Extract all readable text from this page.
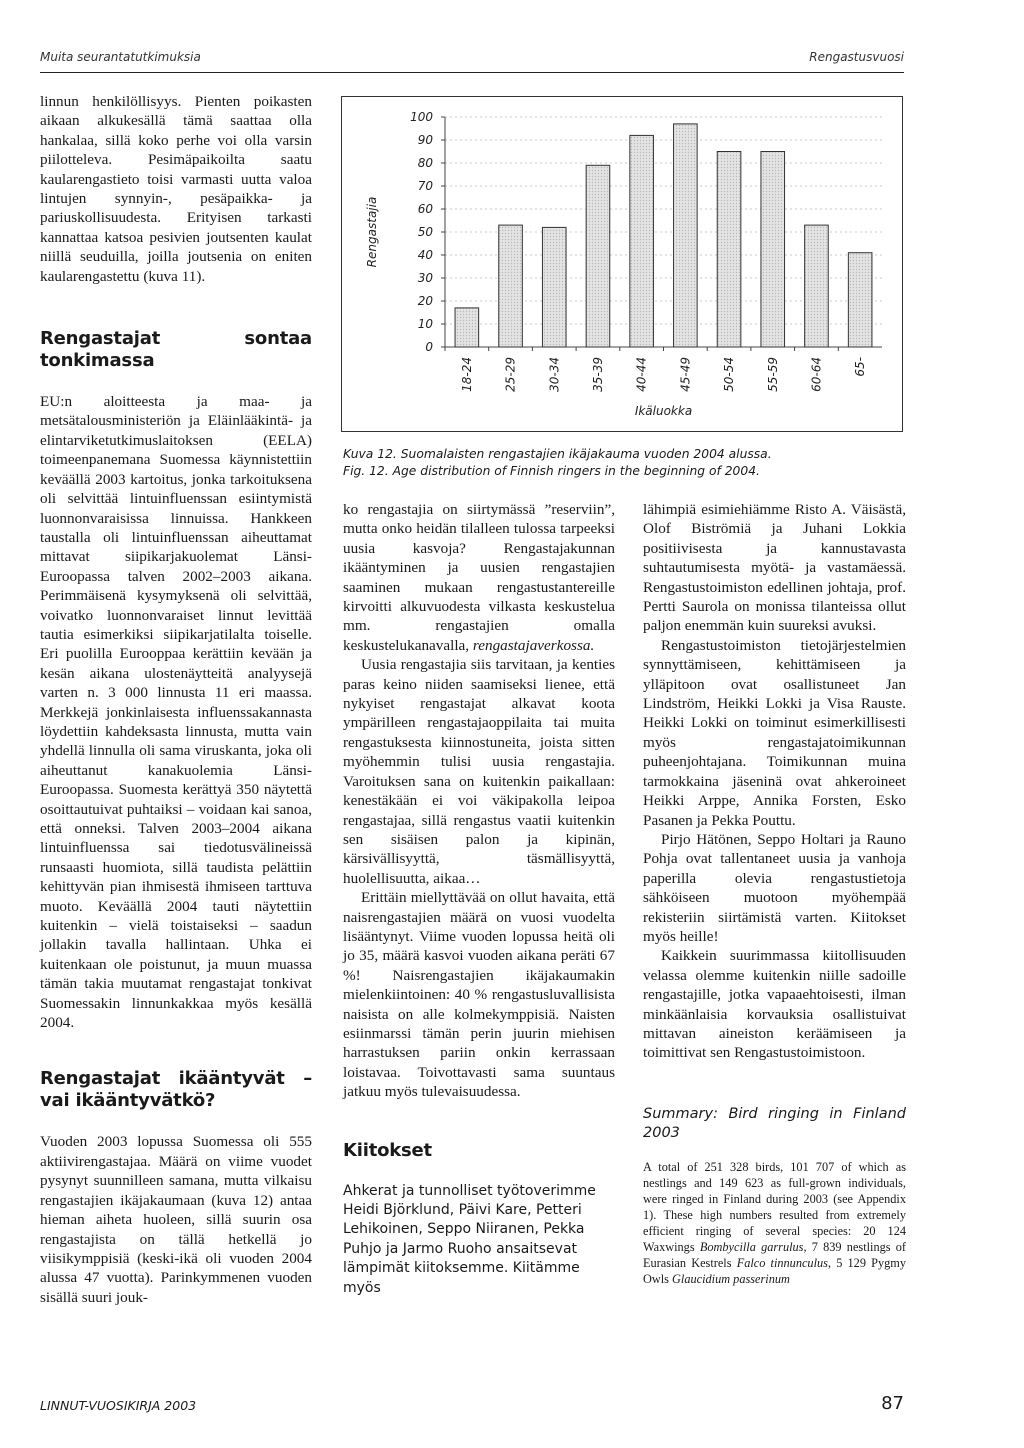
Muita seurantatutkimuksia	Rengastusvuosi

linnun henkilöllisyys. Pienten poikasten aikaan alkukesällä tämä saattaa olla hankalaa, sillä koko perhe voi olla varsin piilotteleva. Pesimäpaikoilta saatu kaularengastieto toisi varmasti uutta valoa lintujen synnyin-, pesäpaikka- ja pariuskollisuudesta. Erityisen tarkasti kannattaa katsoa pesivien joutsenten kaulat niillä seuduilla, joilla joutsenia on eniten kaularengastettu (kuva 11).

Rengastajat sontaa tonkimassa

EU:n aloitteesta ja maa- ja metsätalousministeriön ja Eläinlääkintä- ja elintarviketutkimuslaitoksen (EELA) toimeenpanemana Suomessa käynnistettiin keväällä 2003 kartoitus, jonka tarkoituksena oli selvittää lintuinfluenssan esiintymistä luonnonvaraisissa linnuissa. Hankkeen taustalla oli lintuinfluenssan aiheuttamat mittavat siipikarjakuolemat Länsi-Euroopassa talven 2002–2003 aikana. Perimmäisenä kysymyksenä oli selvittää, voivatko luonnonvaraiset linnut levittää tautia esimerkiksi siipikarjatilalta toiselle. Eri puolilla Eurooppaa kerättiin kevään ja kesän aikana ulostenäytteitä analyysejä varten n. 3 000 linnusta 11 eri maassa. Merkkejä jonkinlaisesta influenssakannasta löydettiin kahdeksasta linnusta, mutta vain yhdellä linnulla oli sama viruskanta, joka oli aiheuttanut kanakuolemia Länsi-Euroopassa. Suomesta kerättyä 350 näytettä osoittautuivat puhtaiksi – voidaan kai sanoa, että onneksi. Talven 2003–2004 aikana lintuinfluenssa sai tiedotusvälineissä runsaasti huomiota, sillä taudista pelättiin kehittyvän pian ihmisestä ihmiseen tarttuva muoto. Keväällä 2004 tauti näytettiin kuitenkin – vielä toistaiseksi – saadun jollakin tavalla hallintaan. Uhka ei kuitenkaan ole poistunut, ja muun muassa tämän takia muutamat rengastajat tonkivat Suomessakin linnunkakkaa myös kesällä 2004.

Rengastajat ikääntyvät – vai ikääntyvätkö?

Vuoden 2003 lopussa Suomessa oli 555 aktiivirengastajaa. Määrä on viime vuodet pysynyt suunnilleen samana, mutta vilkaisu rengastajien ikäjakaumaan (kuva 12) antaa hieman aiheta huoleen, sillä suurin osa rengastajista on tällä hetkellä jo viisikymppisiä (keski-ikä oli vuoden 2004 alussa 47 vuotta). Parinkymmenen vuoden sisällä suuri jouk-

0
10
20
30
40
50
60
70
80
90
100
18-24 25-29 30-34 35-39 40-44 45-49 50-54 55-59 60-64 65-
Ikäluokka
Rengastajia
Kuva 12. Suomalaisten rengastajien ikäjakauma vuoden 2004 alussa.
Fig. 12. Age distribution of Finnish ringers in the beginning of 2004.

ko rengastajia on siirtymässä ”reserviin”, mutta onko heidän tilalleen tulossa tarpeeksi uusia kasvoja? Rengastajakunnan ikääntyminen ja uusien rengastajien saaminen mukaan rengastustantereille kirvoitti alkuvuodesta vilkasta keskustelua mm. rengastajien omalla keskustelukanavalla, rengastajaverkossa.

Uusia rengastajia siis tarvitaan, ja kenties paras keino niiden saamiseksi lienee, että nykyiset rengastajat alkavat koota ympärilleen rengastajaoppilaita tai muita rengastuksesta kiinnostuneita, joista sitten myöhemmin tulisi uusia rengastajia. Varoituksen sana on kuitenkin paikallaan: kenestäkään ei voi väkipakolla leipoa rengastajaa, sillä rengastus vaatii kuitenkin sen sisäisen palon ja kipinän, kärsivällisyyttä, täsmällisyyttä, huolellisuutta, aikaa…

Erittäin miellyttävää on ollut havaita, että naisrengastajien määrä on vuosi vuodelta lisääntynyt. Viime vuoden lopussa heitä oli jo 35, määrä kasvoi vuoden aikana peräti 67 %! Naisrengastajien ikäjakaumakin mielenkiintoinen: 40 % rengastusluvallisista naisista on alle kolmekymppisiä. Naisten esiinmarssi tämän perin juurin miehisen harrastuksen pariin onkin kerrassaan loistavaa. Toivottavasti sama suuntaus jatkuu myös tulevaisuudessa.

Kiitokset

Ahkerat ja tunnolliset työtoverimme Heidi Björklund, Päivi Kare, Petteri Lehikoinen, Seppo Niiranen, Pekka Puhjo ja Jarmo Ruoho ansaitsevat lämpimät kiitoksemme. Kiitämme myös

lähimpiä esimiehiämme Risto A. Väisästä, Olof Biströmiä ja Juhani Lokkia positiivisesta ja kannustavasta suhtautumisesta myötä- ja vastamäessä. Rengastustoimiston edellinen johtaja, prof. Pertti Saurola on monissa tilanteissa ollut paljon enemmän kuin suureksi avuksi.

Rengastustoimiston tietojärjestelmien synnyttämiseen, kehittämiseen ja ylläpitoon ovat osallistuneet Jan Lindström, Heikki Lokki ja Visa Rauste. Heikki Lokki on toiminut esimerkillisesti myös rengastajatoimikunnan puheenjohtajana. Toimikunnan muina tarmokkaina jäseninä ovat ahkeroineet Heikki Arppe, Annika Forsten, Esko Pasanen ja Pekka Pouttu.

Pirjo Hätönen, Seppo Holtari ja Rauno Pohja ovat tallentaneet uusia ja vanhoja paperilla olevia rengastustietoja sähköiseen muotoon myöhempää rekisteriin siirtämistä varten. Kiitokset myös heille!

Kaikkein suurimmassa kiitollisuuden velassa olemme kuitenkin niille sadoille rengastajille, jotka vapaaehtoisesti, ilman minkäänlaisia korvauksia osallistuivat mittavan aineiston keräämiseen ja toimittivat sen Rengastustoimistoon.

Summary: Bird ringing in Finland 2003

A total of 251 328 birds, 101 707 of which as nestlings and 149 623 as full-grown individuals, were ringed in Finland during 2003 (see Appendix 1). These high numbers resulted from extremely efficient ringing of several species: 20 124 Waxwings Bombycilla garrulus, 7 839 nestlings of Eurasian Kestrels Falco tinnunculus, 5 129 Pygmy Owls Glaucidium passerinum

LINNUT-VUOSIKIRJA 2003	87
